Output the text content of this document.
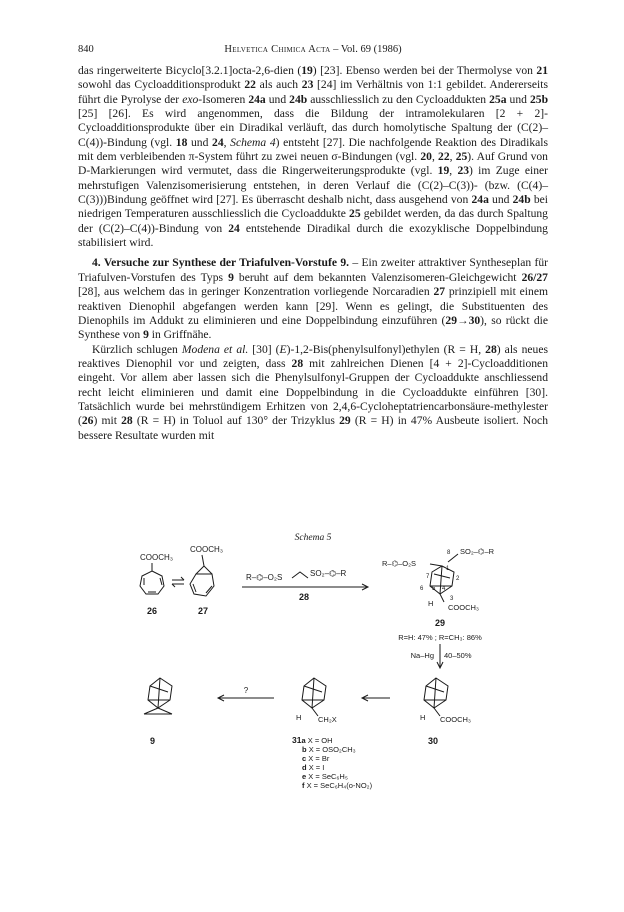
840	Helvetica Chimica Acta – Vol. 69 (1986)

das ringerweiterte Bicyclo[3.2.1]octa-2,6-dien (19) [23]. Ebenso werden bei der Thermolyse von 21 sowohl das Cycloadditionsprodukt 22 als auch 23 [24] im Verhältnis von 1:1 gebildet. Andererseits führt die Pyrolyse der exo-Isomeren 24a und 24b ausschliesslich zu den Cycloaddukten 25a und 25b [25] [26]. Es wird angenommen, dass die Bildung der intramolekularen [2 + 2]-Cycloadditionsprodukte über ein Diradikal verläuft, das durch homolytische Spaltung der (C(2)–C(4))-Bindung (vgl. 18 und 24, Schema 4) entsteht [27]. Die nachfolgende Reaktion des Diradikals mit dem verbleibenden π-System führt zu zwei neuen σ-Bindungen (vgl. 20, 22, 25). Auf Grund von D-Markierungen wird vermutet, dass die Ringerweiterungsprodukte (vgl. 19, 23) im Zuge einer mehrstufigen Valenzisomerisierung entstehen, in deren Verlauf die (C(2)–C(3))- (bzw. (C(4)–C(3)))Bindung geöffnet wird [27]. Es überrascht deshalb nicht, dass ausgehend von 24a und 24b bei niedrigen Temperaturen ausschliesslich die Cycloaddukte 25 gebildet werden, da das durch Spaltung der (C(2)–C(4))-Bindung von 24 entstehende Diradikal durch die exozyklische Doppelbindung stabilisiert wird.

4. Versuche zur Synthese der Triafulven-Vorstufe 9. – Ein zweiter attraktiver Syntheseplan für Triafulven-Vorstufen des Typs 9 beruht auf dem bekannten Valenzisomeren-Gleichgewicht 26/27 [28], aus welchem das in geringer Konzentration vorliegende Norcaradien 27 prinzipiell mit einem reaktiven Dienophil abgefangen werden kann [29]. Wenn es gelingt, die Substituenten des Dienophils im Addukt zu eliminieren und eine Doppelbindung einzuführen (29→30), so rückt die Synthese von 9 in Griffnähe.

Kürzlich schlugen Modena et al. [30] (E)-1,2-Bis(phenylsulfonyl)ethylen (R = H, 28) als neues reaktives Dienophil vor und zeigten, dass 28 mit zahlreichen Dienen [4 + 2]-Cycloadditionen eingeht. Vor allem aber lassen sich die Phenylsulfonyl-Gruppen der Cycloaddukte anschliessend recht leicht eliminieren und damit eine Doppelbindung in die Cycloaddukte einführen [30]. Tatsächlich wurde bei mehrstündigem Erhitzen von 2,4,6-Cycloheptatriencarbonsäure-methylester (26) mit 28 (R = H) in Toluol auf 130° der Trizyklus 29 (R = H) in 47% Ausbeute isoliert. Noch bessere Resultate wurden mit

Schema 5
COOCH₃
26
COOCH₃
27
R–⌬–O₂S	SO₂–⌬–R
28
R–⌬–O₂S
SO₂–⌬–R
8
1
7	2
6 5 4
3
H COOCH₃
29
R=H: 47% ; R=CH₃: 86%
Na–Hg 40–50%
H COOCH₃
H CH₂X
?
9	30
31a X = OH
b X = OSO₂CH₃
c X = Br
d X = I
e X = SeC₆H₅
f X = SeC₆H₄(o-NO₂)
